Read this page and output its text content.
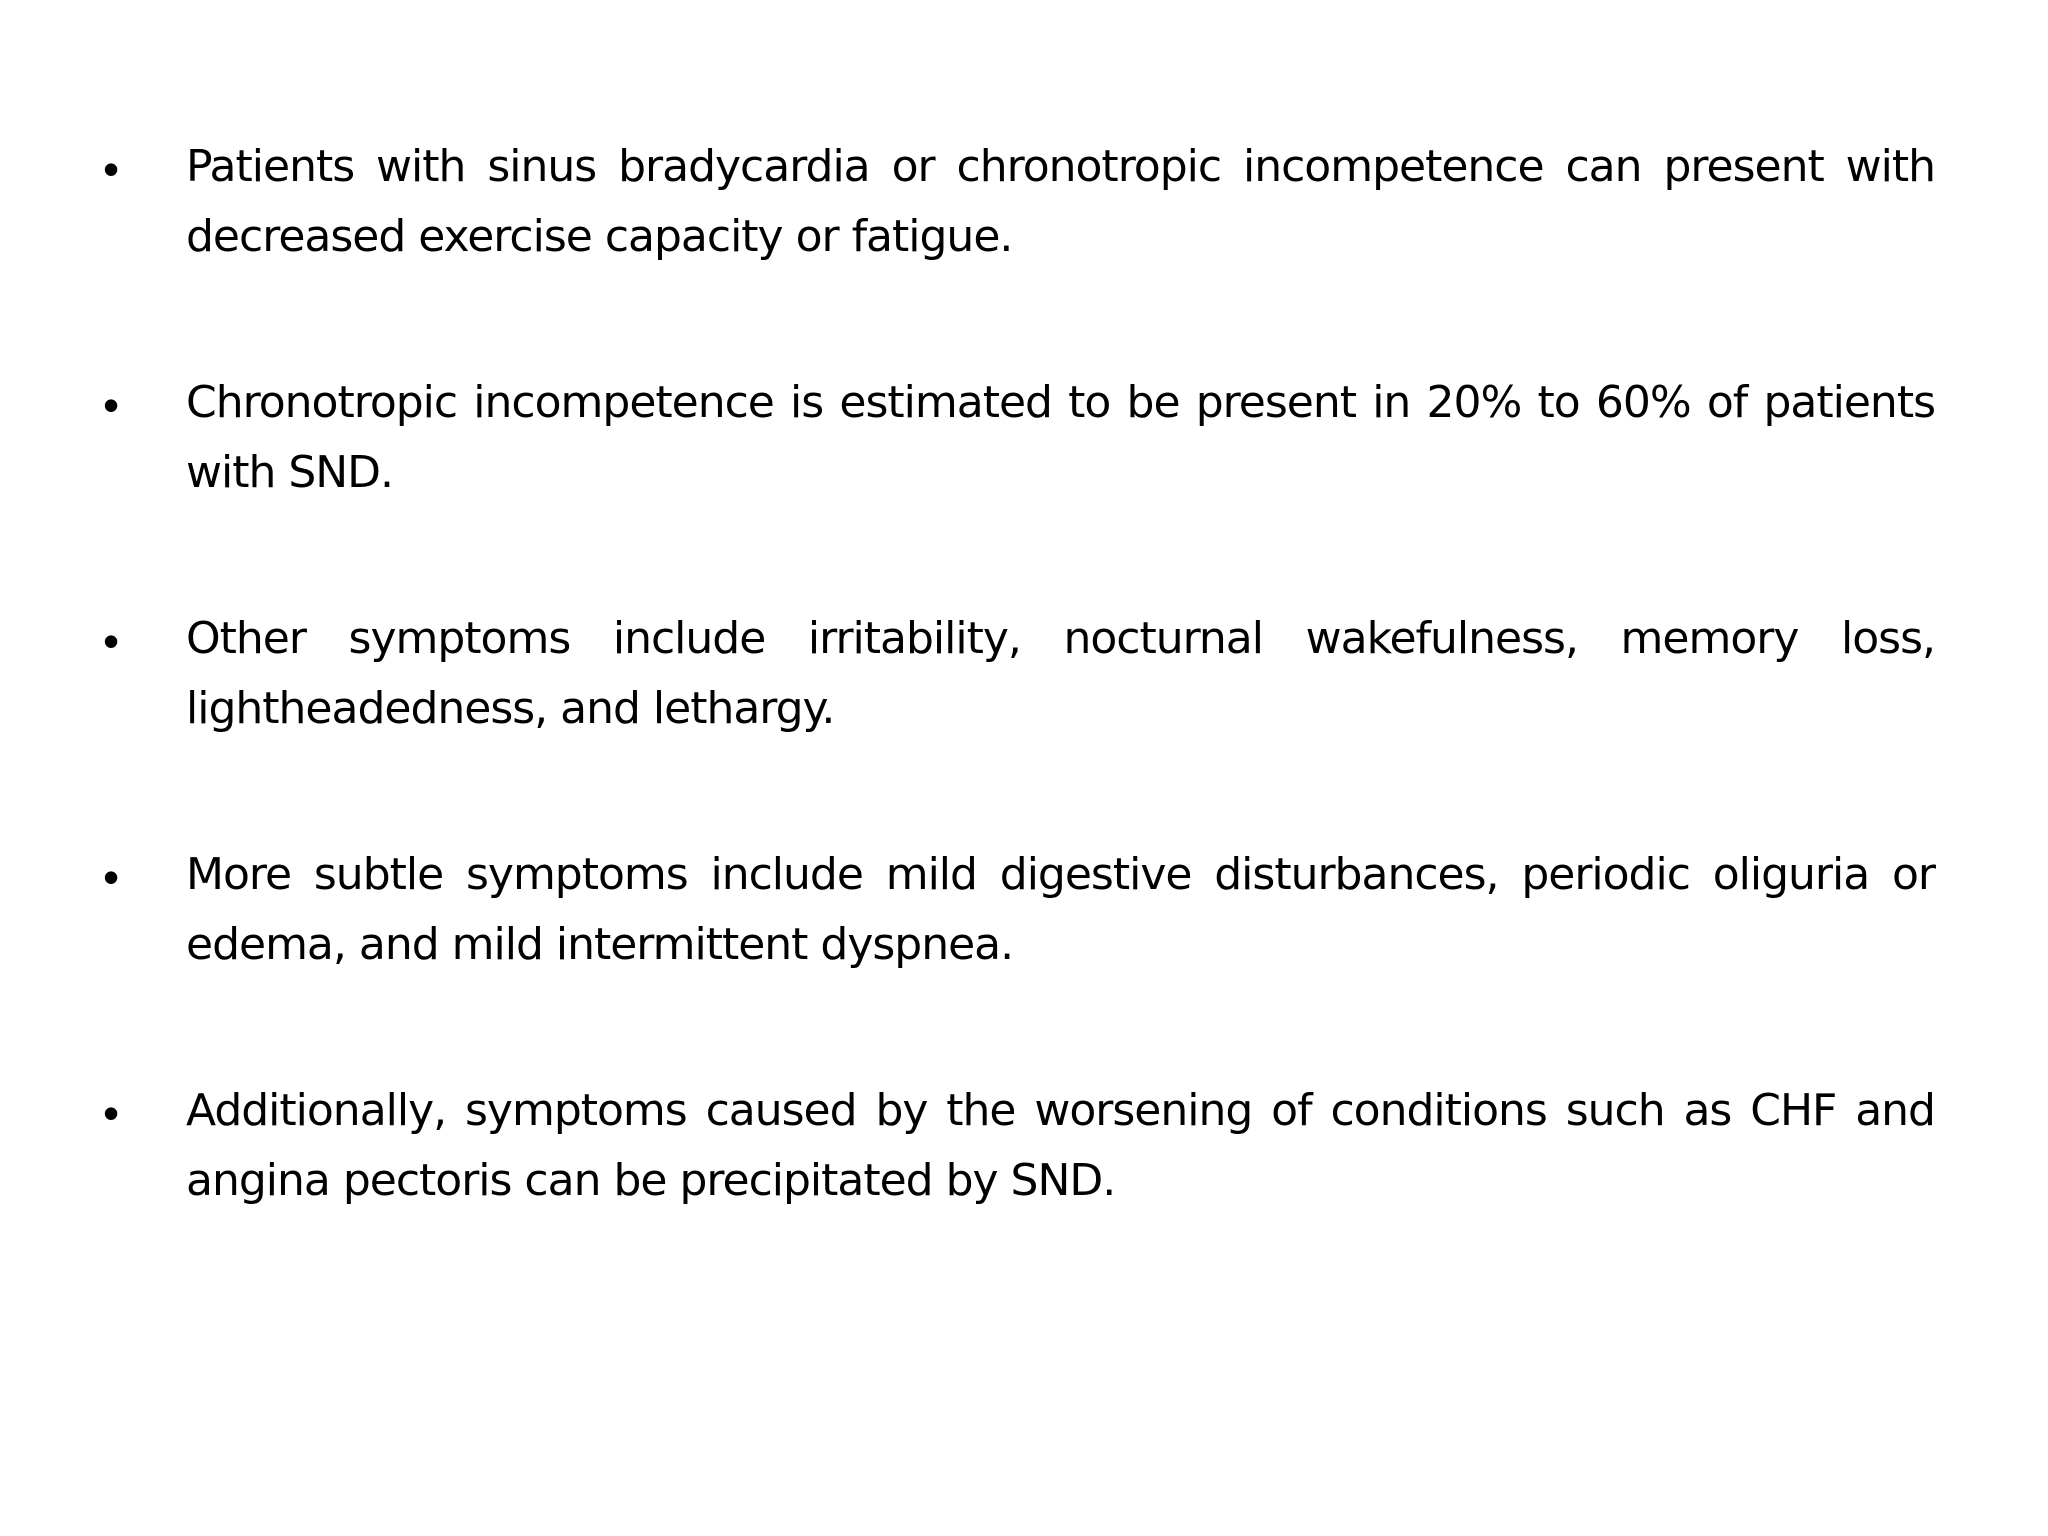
•	Patients with sinus bradycardia or chronotropic incompetence can present with decreased exercise capacity or fatigue.
•	Chronotropic incompetence is estimated to be present in 20% to 60% of patients with SND.
•	Other symptoms include irritability, nocturnal wakefulness, memory loss, lightheadedness, and lethargy.
•	More subtle symptoms include mild digestive disturbances, periodic oliguria or edema, and mild intermittent dyspnea.
•	Additionally, symptoms caused by the worsening of conditions such as CHF and angina pectoris can be precipitated by SND.
